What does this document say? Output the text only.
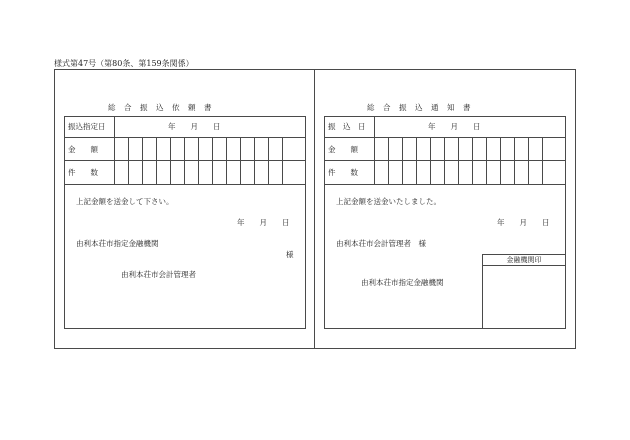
様式第47号（第80条、第159条関係）
総　合　振　込　依　頼　書
振込指定日	年　　月　　日
金　　額
件　　数
上記金額を送金して下さい。
年　　月　　日
由利本荘市指定金融機関
様
由利本荘市会計管理者
総　合　振　込　通　知　書
振　込　日	年　　月　　日
金　　額
件　　数
上記金額を送金いたしました。
年　　月　　日
由利本荘市会計管理者　様
由利本荘市指定金融機関
金融機関印
